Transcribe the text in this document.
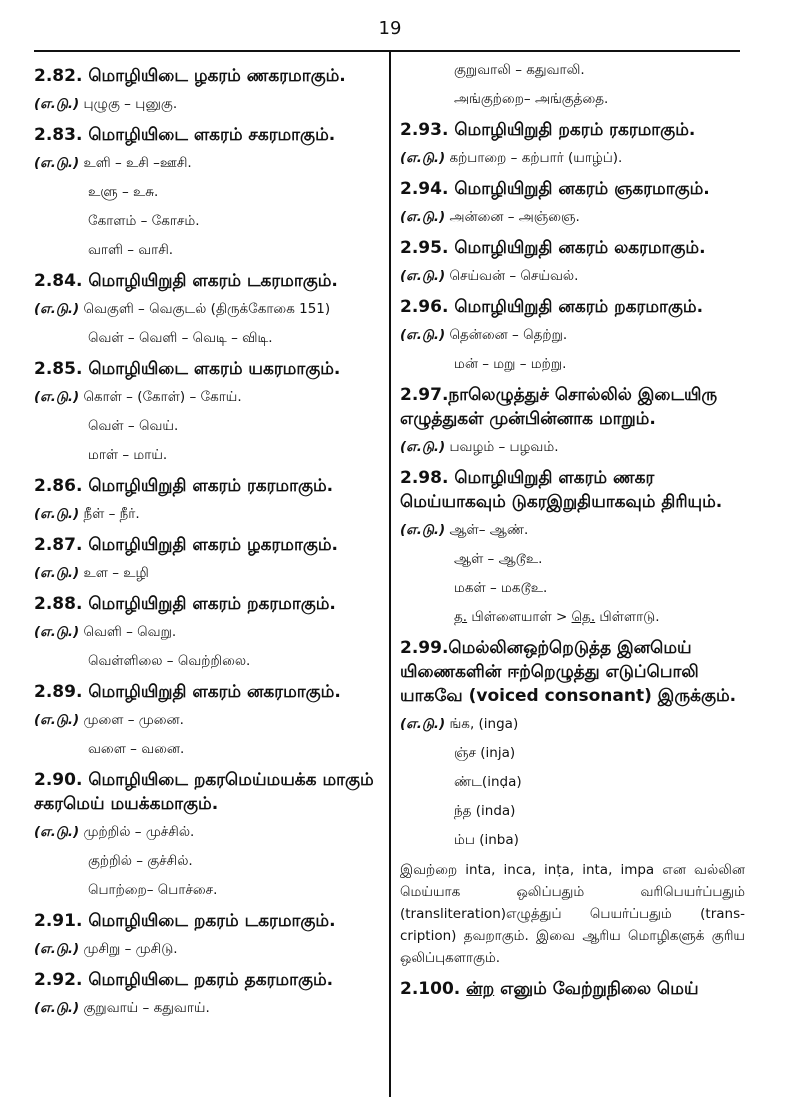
19
2.82. மொழியிடை ழகரம் ணகரமாகும்.
(எ.டு.) புழுகு – புனுகு.
2.83. மொழியிடை ளகரம் சகரமாகும்.
(எ.டு.) உளி – உசி –ஊசி.
உளு – உசு.
கோளம் – கோசம்.
வாளி – வாசி.
2.84. மொழியிறுதி ளகரம் டகரமாகும்.
(எ.டு.) வெகுளி – வெகுடல் (திருக்கோகை 151)
வெள் – வெளி – வெடி – விடி.
2.85. மொழியிடை ளகரம் யகரமாகும்.
(எ.டு.) கொள் – (கோள்) – கோய்.
வெள் – வெய்.
மாள் – மாய்.
2.86. மொழியிறுதி ளகரம் ரகரமாகும்.
(எ.டு.) நீள் – நீர்.
2.87. மொழியிறுதி ளகரம் ழகரமாகும்.
(எ.டு.) உள – உழி
2.88. மொழியிறுதி ளகரம் றகரமாகும்.
(எ.டு.) வெளி – வெறு.
வெள்ளிலை – வெற்றிலை.
2.89. மொழியிறுதி ளகரம் னகரமாகும்.
(எ.டு.) முளை – முனை.
வளை – வனை.
2.90. மொழியிடை றகரமெய்மயக்க மாகும் சகரமெய் மயக்கமாகும்.
(எ.டு.) முற்றில் – முச்சில்.
குற்றில் – குச்சில்.
பொற்றை– பொச்சை.
2.91. மொழியிடை றகரம் டகரமாகும்.
(எ.டு.) முசிறு – முசிடு.
2.92. மொழியிடை றகரம் தகரமாகும்.
(எ.டு.) குறுவாய் – கதுவாய்.
குறுவாலி – கதுவாலி.
அங்குற்றை– அங்குத்தை.
2.93. மொழியிறுதி றகரம் ரகரமாகும்.
(எ.டு.) கற்பாறை – கற்பார் (யாழ்ப்).
2.94. மொழியிறுதி னகரம் ஞகரமாகும்.
(எ.டு.) அன்னை – அஞ்ஞை.
2.95. மொழியிறுதி னகரம் லகரமாகும்.
(எ.டு.) செய்வன் – செய்வல்.
2.96. மொழியிறுதி னகரம் றகரமாகும்.
(எ.டு.) தென்னை – தெற்று.
மன் – மறு – மற்று.
2.97.நாலெழுத்துச் சொல்லில் இடையிரு எழுத்துகள் முன்பின்னாக மாறும்.
(எ.டு.) பவழம் – பழவம்.
2.98. மொழியிறுதி ளகரம் ணகர மெய்யாகவும் டுகரஇறுதியாகவும் திரியும்.
(எ.டு.) ஆள்– ஆண்.
ஆள் – ஆடூஉ.
மகள் – மகடூஉ.
த. பிள்ளையாள் > தெ. பிள்ளாடு.
2.99.மெல்லினஒற்றெடுத்த இனமெய் யிணைகளின் ஈற்றெழுத்து எடுப்பொலி யாகவே (voiced consonant) இருக்கும்.
(எ.டு.) ங்க, (inga)
ஞ்ச (inja)
ண்ட(inḍa)
ந்த (inda)
ம்ப (inba)
இவற்றை inta, inca, inṭa, inta, impa என வல்லின மெய்யாக ஒலிப்பதும் வரிபெயர்ப்பதும் (transliteration)எழுத்துப் பெயர்ப்பதும் (trans-cription) தவறாகும். இவை ஆரிய மொழிகளுக் குரிய ஒலிப்புகளாகும்.
2.100. ன்ற எனும் வேற்றுநிலை மெய்
